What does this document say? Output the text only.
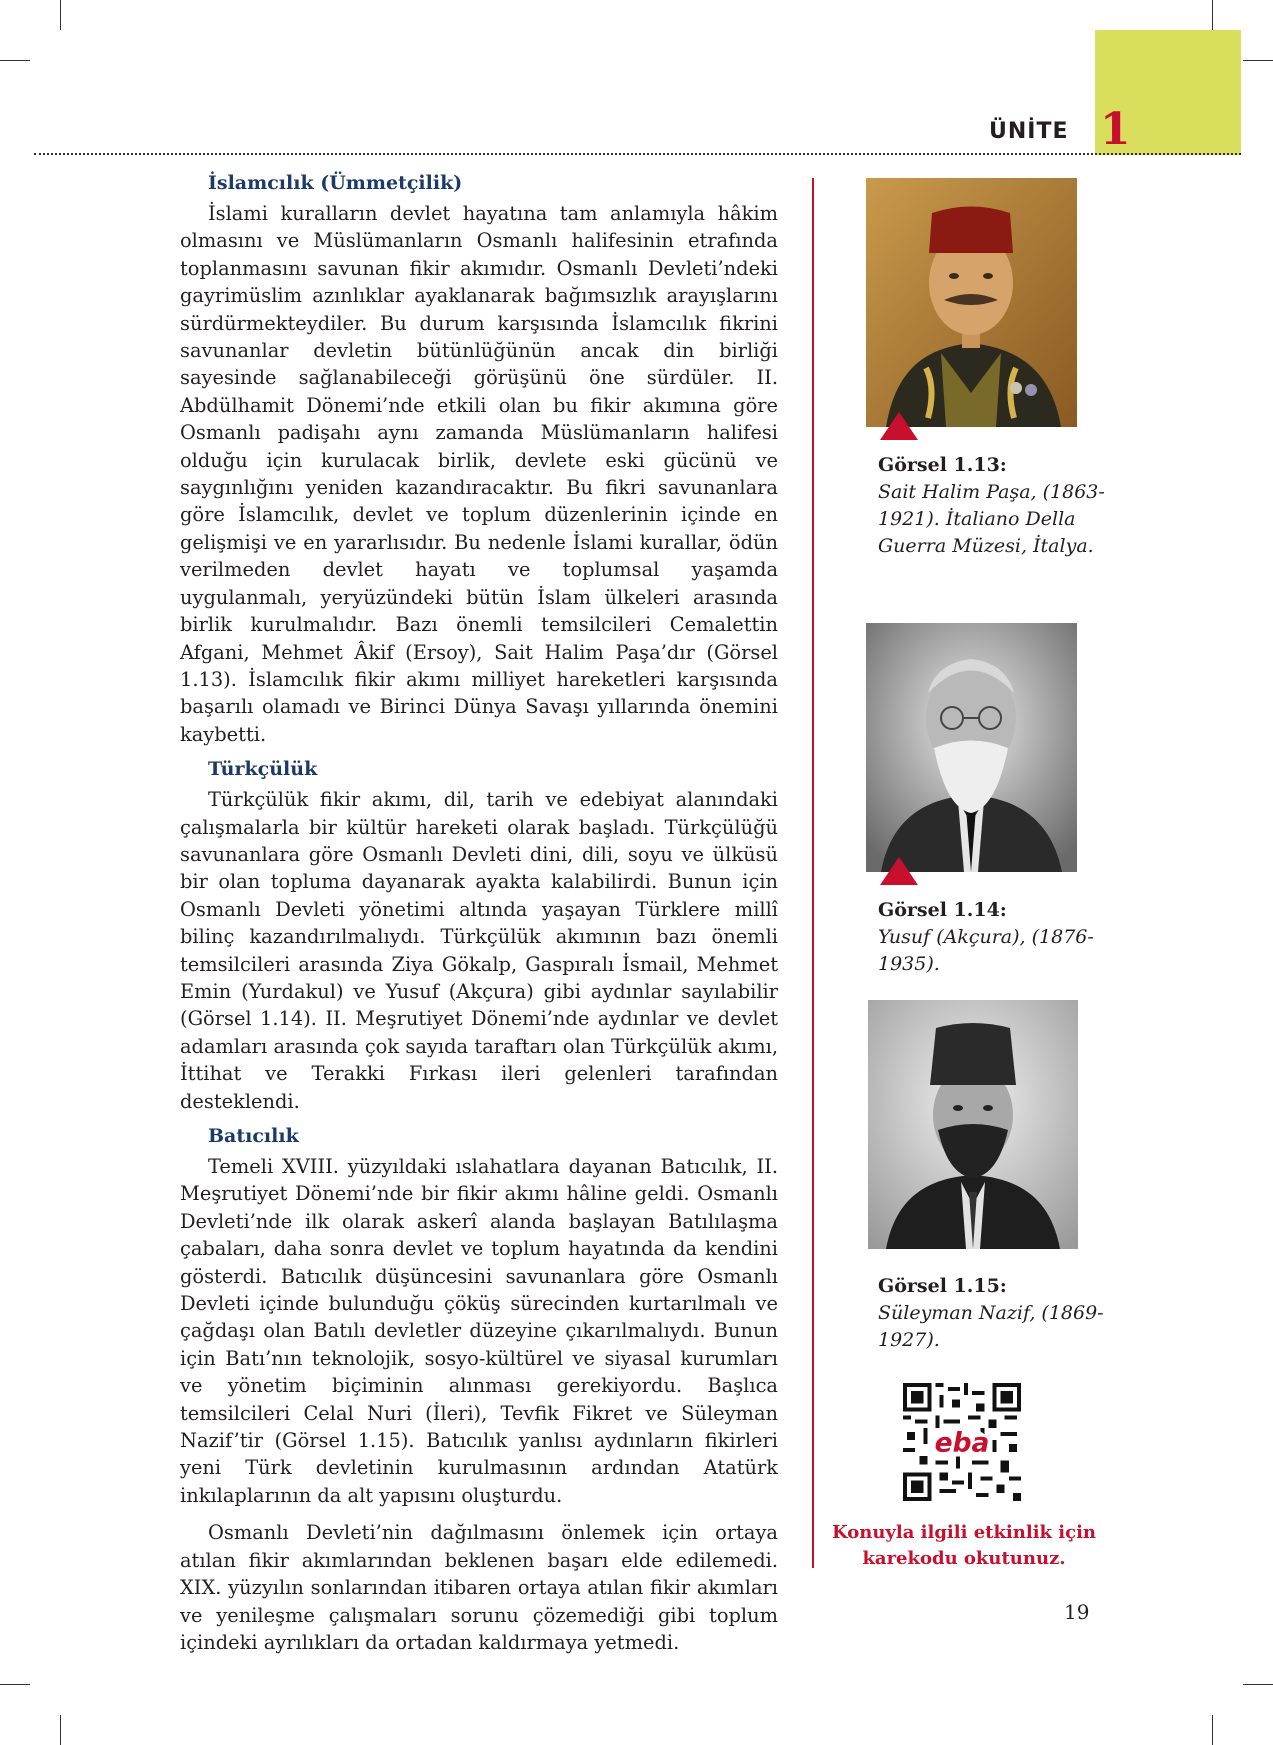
ÜNİTE 1
İslamcılık (Ümmetçilik)

İslami kuralların devlet hayatına tam anlamıyla hâkim olmasını ve Müslümanların Osmanlı halifesinin etrafında toplanmasını savunan fikir akımıdır. Osmanlı Devleti’ndeki gayrimüslim azınlıklar ayaklanarak bağımsızlık arayışlarını sürdürmekteydiler. Bu durum karşısında İslamcılık fikrini savunanlar devletin bütünlüğünün ancak din birliği sayesinde sağlanabileceği görüşünü öne sürdüler. II. Abdülhamit Dönemi’nde etkili olan bu fikir akımına göre Osmanlı padişahı aynı zamanda Müslümanların halifesi olduğu için kurulacak birlik, devlete eski gücünü ve saygınlığını yeniden kazandıracaktır. Bu fikri savunanlara göre İslamcılık, devlet ve toplum düzenlerinin içinde en gelişmişi ve en yararlısıdır. Bu nedenle İslami kurallar, ödün verilmeden devlet hayatı ve toplumsal yaşamda uygulanmalı, yeryüzündeki bütün İslam ülkeleri arasında birlik kurulmalıdır. Bazı önemli temsilcileri Cemalettin Afgani, Mehmet Âkif (Ersoy), Sait Halim Paşa’dır (Görsel 1.13). İslamcılık fikir akımı milliyet hareketleri karşısında başarılı olamadı ve Birinci Dünya Savaşı yıllarında önemini kaybetti.

Türkçülük

Türkçülük fikir akımı, dil, tarih ve edebiyat alanındaki çalışmalarla bir kültür hareketi olarak başladı. Türkçülüğü savunanlara göre Osmanlı Devleti dini, dili, soyu ve ülküsü bir olan topluma dayanarak ayakta kalabilirdi. Bunun için Osmanlı Devleti yönetimi altında yaşayan Türklere millî bilinç kazandırılmalıydı. Türkçülük akımının bazı önemli temsilcileri arasında Ziya Gökalp, Gaspıralı İsmail, Mehmet Emin (Yurdakul) ve Yusuf (Akçura) gibi aydınlar sayılabilir (Görsel 1.14). II. Meşrutiyet Dönemi’nde aydınlar ve devlet adamları arasında çok sayıda taraftarı olan Türkçülük akımı, İttihat ve Terakki Fırkası ileri gelenleri tarafından desteklendi.

Batıcılık

Temeli XVIII. yüzyıldaki ıslahatlara dayanan Batıcılık, II. Meşrutiyet Dönemi’nde bir fikir akımı hâline geldi. Osmanlı Devleti’nde ilk olarak askerî alanda başlayan Batılılaşma çabaları, daha sonra devlet ve toplum hayatında da kendini gösterdi. Batıcılık düşüncesini savunanlara göre Osmanlı Devleti içinde bulunduğu çöküş sürecinden kurtarılmalı ve çağdaşı olan Batılı devletler düzeyine çıkarılmalıydı. Bunun için Batı’nın teknolojik, sosyo-kültürel ve siyasal kurumları ve yönetim biçiminin alınması gerekiyordu. Başlıca temsilcileri Celal Nuri (İleri), Tevfik Fikret ve Süleyman Nazif’tir (Görsel 1.15). Batıcılık yanlısı aydınların fikirleri yeni Türk devletinin kurulmasının ardından Atatürk inkılaplarının da alt yapısını oluşturdu.

Osmanlı Devleti’nin dağılmasını önlemek için ortaya atılan fikir akımlarından beklenen başarı elde edilemedi. XIX. yüzyılın sonlarından itibaren ortaya atılan fikir akımları ve yenileşme çalışmaları sorunu çözemediği gibi toplum içindeki ayrılıkları da ortadan kaldırmaya yetmedi.

Görsel 1.13:
Sait Halim Paşa, (1863-1921). İtaliano Della Guerra Müzesi, İtalya.
Görsel 1.14:
Yusuf (Akçura), (1876-1935).
Görsel 1.15:
Süleyman Nazif, (1869-1927).
eba
Konuyla ilgili etkinlik için karekodu okutunuz.
19
